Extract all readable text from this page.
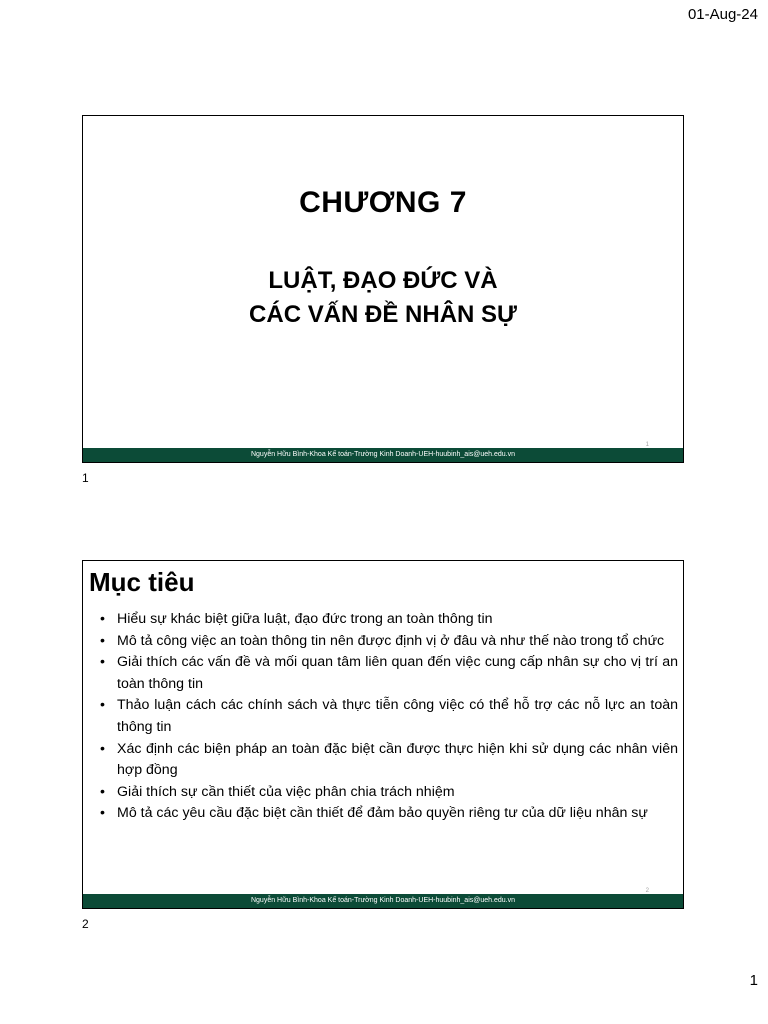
01-Aug-24
CHƯƠNG 7
LUẬT, ĐẠO ĐỨC VÀ
CÁC VẤN ĐỀ NHÂN SỰ
1
Nguyễn Hữu Bình-Khoa Kế toán-Trường Kinh Doanh-UEH-huubinh_ais@ueh.edu.vn
1
Mục tiêu
• Hiểu sự khác biệt giữa luật, đạo đức trong an toàn thông tin
• Mô tả công việc an toàn thông tin nên được định vị ở đâu và như thế nào trong tổ chức
• Giải thích các vấn đề và mối quan tâm liên quan đến việc cung cấp nhân sự cho vị trí an toàn thông tin
• Thảo luận cách các chính sách và thực tiễn công việc có thể hỗ trợ các nỗ lực an toàn thông tin
• Xác định các biện pháp an toàn đặc biệt cần được thực hiện khi sử dụng các nhân viên hợp đồng
• Giải thích sự cần thiết của việc phân chia trách nhiệm
• Mô tả các yêu cầu đặc biệt cần thiết để đảm bảo quyền riêng tư của dữ liệu nhân sự
2
Nguyễn Hữu Bình-Khoa Kế toán-Trường Kinh Doanh-UEH-huubinh_ais@ueh.edu.vn
2
1
